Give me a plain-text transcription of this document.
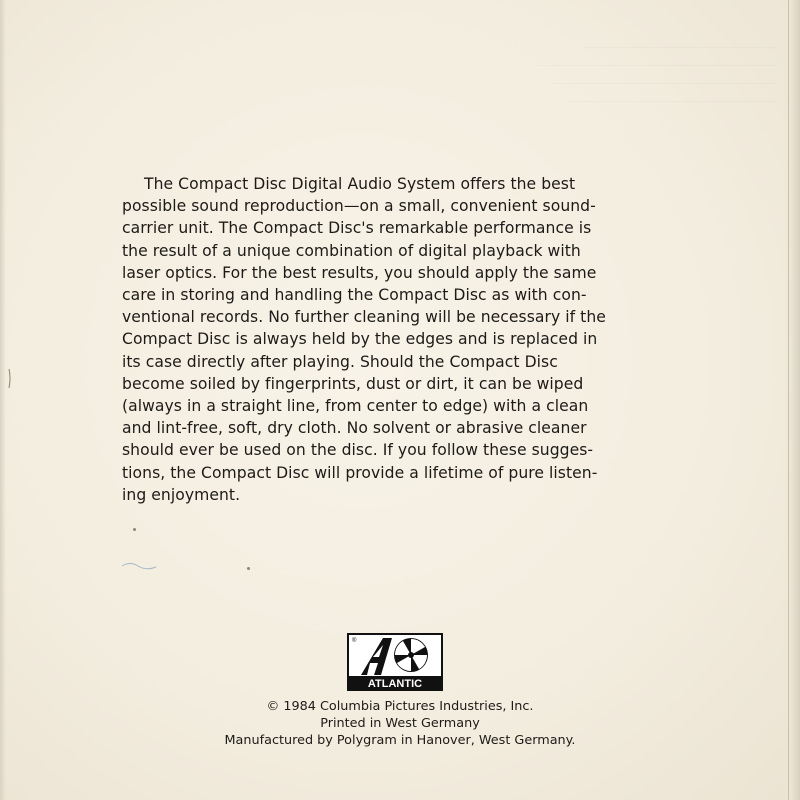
The Compact Disc Digital Audio System offers the best
possible sound reproduction—on a small, convenient sound-
carrier unit. The Compact Disc's remarkable performance is
the result of a unique combination of digital playback with
laser optics. For the best results, you should apply the same
care in storing and handling the Compact Disc as with con-
ventional records. No further cleaning will be necessary if the
Compact Disc is always held by the edges and is replaced in
its case directly after playing. Should the Compact Disc
become soiled by fingerprints, dust or dirt, it can be wiped
(always in a straight line, from center to edge) with a clean
and lint-free, soft, dry cloth. No solvent or abrasive cleaner
should ever be used on the disc. If you follow these sugges-
tions, the Compact Disc will provide a lifetime of pure listen-
ing enjoyment.
ATLANTIC
®
© 1984 Columbia Pictures Industries, Inc.
Printed in West Germany
Manufactured by Polygram in Hanover, West Germany.
